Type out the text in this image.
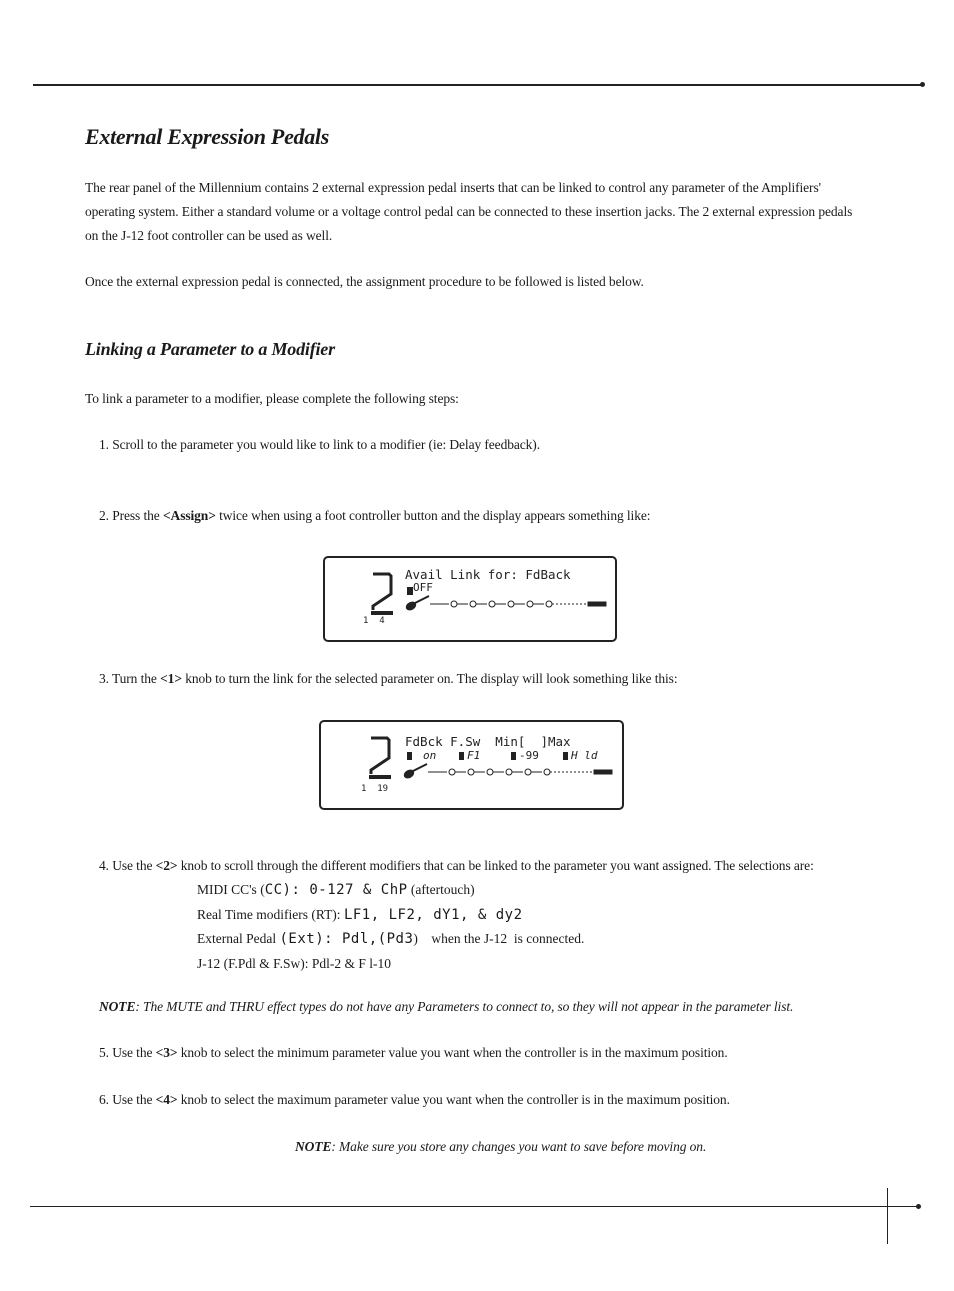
External Expression Pedals

The rear panel of the Millennium contains 2 external expression pedal inserts that can be linked to control any parameter of the Amplifiers' operating system. Either a standard volume or a voltage control pedal can be connected to these insertion jacks. The 2 external expression pedals on the J-12 foot controller can be used as well.

Once the external expression pedal is connected, the assignment procedure to be followed is listed below.

Linking a Parameter to a Modifier

To link a parameter to a modifier, please complete the following steps:

1. Scroll to the parameter you would like to link to a modifier (ie: Delay feedback).

2. Press the <Assign> twice when using a foot controller button and the display appears something like:

Avail Link for: FdBack
OFF
1  4

3. Turn the <1> knob to turn the link for the selected parameter on. The display will look something like this:

FdBck F.Sw  Min[  ]Max
on	F1	-99	H ld
1  19

4. Use the <2> knob to scroll through the different modifiers that can be linked to the parameter you want assigned. The selections are:

MIDI CC's (CC): 0-127 & ChP (aftertouch)
Real Time modifiers (RT): LF1, LF2, dY1, & dy2
External Pedal (Ext): Pdl,(Pd3)    when the J-12  is connected.
J-12 (F.Pdl & F.Sw): Pdl-2 & F l-10

NOTE: The MUTE and THRU effect types do not have any Parameters to connect to, so they will not appear in the parameter list.

5. Use the <3> knob to select the minimum parameter value you want when the controller is in the maximum position.

6. Use the <4> knob to select the maximum parameter value you want when the controller is in the maximum position.

NOTE: Make sure you store any changes you want to save before moving on.
